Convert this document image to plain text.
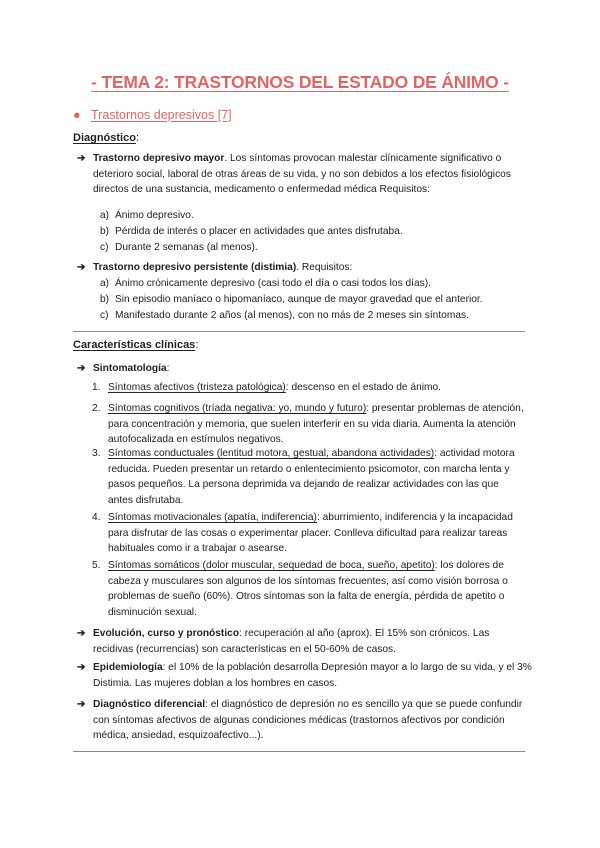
- TEMA 2: TRASTORNOS DEL ESTADO DE ÁNIMO -
● Trastornos depresivos [7]
Diagnóstico:
➔ Trastorno depresivo mayor. Los síntomas provocan malestar clínicamente significativo o deterioro social, laboral de otras áreas de su vida, y no son debidos a los efectos fisiológicos directos de una sustancia, medicamento o enfermedad médica Requisitos:
a) Ánimo depresivo.
b) Pérdida de interés o placer en actividades que antes disfrutaba.
c) Durante 2 semanas (al menos).
➔ Trastorno depresivo persistente (distimia). Requisitos:
a) Ánimo crónicamente depresivo (casi todo el día o casi todos los días).
b) Sin episodio maníaco o hipomaníaco, aunque de mayor gravedad que el anterior.
c) Manifestado durante 2 años (al menos), con no más de 2 meses sin síntomas.
Características clínicas:
➔ Sintomatología:
1. Síntomas afectivos (tristeza patológica): descenso en el estado de ánimo.
2. Síntomas cognitivos (tríada negativa: yo, mundo y futuro): presentar problemas de atención, para concentración y memoria, que suelen interferir en su vida diaria. Aumenta la atención autofocalizada en estímulos negativos.
3. Síntomas conductuales (lentitud motora, gestual, abandona actividades): actividad motora reducida. Pueden presentar un retardo o enlentecimiento psicomotor, con marcha lenta y pasos pequeños. La persona deprimida va dejando de realizar actividades con las que antes disfrutaba.
4. Síntomas motivacionales (apatía, indiferencia): aburrimiento, indiferencia y la incapacidad para disfrutar de las cosas o experimentar placer. Conlleva dificultad para realizar tareas habituales como ir a trabajar o asearse.
5. Síntomas somáticos (dolor muscular, sequedad de boca, sueño, apetito): los dolores de cabeza y musculares son algunos de los síntomas frecuentes, así como visión borrosa o problemas de sueño (60%). Otros síntomas son la falta de energía, pérdida de apetito o disminución sexual.
➔ Evolución, curso y pronóstico: recuperación al año (aprox). El 15% son crónicos. Las recidivas (recurrencias) son características en el 50-60% de casos.
➔ Epidemiología: el 10% de la población desarrolla Depresión mayor a lo largo de su vida, y el 3% Distimia. Las mujeres doblan a los hombres en casos.
➔ Diagnóstico diferencial: el diagnóstico de depresión no es sencillo ya que se puede confundir con síntomas afectivos de algunas condiciones médicas (trastornos afectivos por condición médica, ansiedad, esquizoafectivo...).
